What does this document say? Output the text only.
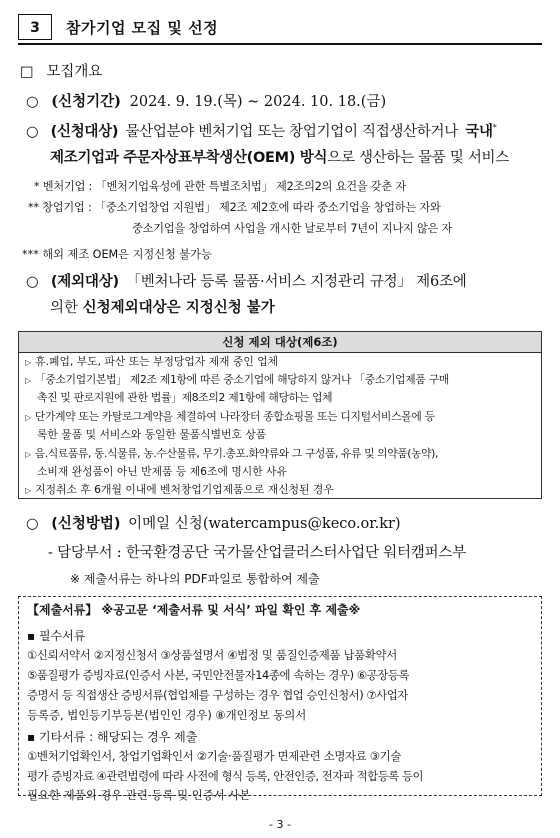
3	참가기업 모집 및 선정
□ 모집개요
○ (신청기간) 2024. 9. 19.(목) ~ 2024. 10. 18.(금)
○ (신청대상) 물산업분야 벤처기업 또는 창업기업이 직접생산하거나 국내*
제조기업과 주문자상표부착생산(OEM) 방식으로 생산하는 물품 및 서비스
* 벤처기업 : 「벤처기업육성에 관한 특별조치법」 제2조의2의 요건을 갖춘 자
** 창업기업 : 「중소기업창업 지원법」 제2조 제2호에 따라 중소기업을 창업하는 자와
중소기업을 창업하여 사업을 개시한 날로부터 7년이 지나지 않은 자
*** 해외 제조 OEM은 지정신청 불가능
○ (제외대상) 「벤처나라 등록 물품·서비스 지정관리 규정」 제6조에
의한 신청제외대상은 지정신청 불가
신청 제외 대상(제6조)
▷ 휴.폐업, 부도, 파산 또는 부정당업자 제재 중인 업체
▷ 「중소기업기본법」 제2조 제1항에 따른 중소기업에 해당하지 않거나 「중소기업제품 구매
촉진 및 판로지원에 관한 법률」제8조의2 제1항에 해당하는 업체
▷ 단가계약 또는 카탈로그계약을 체결하여 나라장터 종합쇼핑몰 또는 디지털서비스몰에 등
록한 물품 및 서비스와 동일한 물품식별번호 상품
▷ 음.식료품류, 동.식물류, 농.수산물류, 무기.총포.화약류와 그 구성품, 유류 및 의약품(농약),
소비재 완성품이 아닌 반제품 등 제6조에 명시한 사유
▷ 지정취소 후 6개월 이내에 벤처창업기업제품으로 재신청된 경우
○ (신청방법) 이메일 신청(watercampus@keco.or.kr)
- 담당부서 : 한국환경공단 국가물산업클러스터사업단 워터캠퍼스부
※ 제출서류는 하나의 PDF파일로 통합하여 제출
【제출서류】 ※공고문 ‘제출서류 및 서식’ 파일 확인 후 제출※
▪ 필수서류
①신뢰서약서 ②지정신청서 ③상품설명서 ④법정 및 품질인증제품 납품확약서
⑤품질평가 증빙자료(인증서 사본, 국민안전물자14종에 속하는 경우) ⑥공장등록
증명서 등 직접생산 증빙서류(협업체를 구성하는 경우 협업 승인신청서) ⑦사업자
등록증, 법인등기부등본(법인인 경우) ⑧개인정보 동의서
▪ 기타서류 : 해당되는 경우 제출
①벤처기업확인서, 창업기업확인서 ②기술·품질평가 면제관련 소명자료 ③기술
평가 증빙자료 ④관련법령에 따라 사전에 형식 등록, 안전인증, 전자파 적합등록 등이
필요한 제품의 경우 관련 등록 및 인증서 사본
- 3 -
